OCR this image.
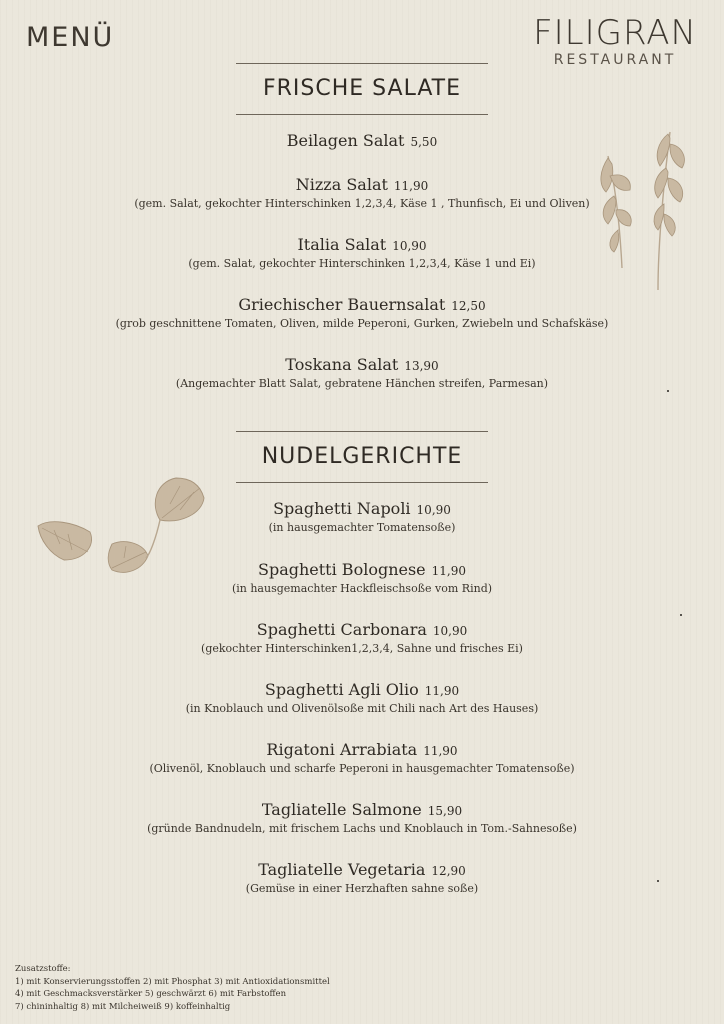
MENÜ	FILIGRAN
RESTAURANT
FRISCHE SALATE
Beilagen Salat 5,50
Nizza Salat 11,90
(gem. Salat, gekochter Hinterschinken 1,2,3,4, Käse 1 , Thunfisch, Ei und Oliven)
Italia Salat 10,90
(gem. Salat, gekochter Hinterschinken 1,2,3,4, Käse 1 und Ei)
Griechischer Bauernsalat 12,50
(grob geschnittene Tomaten, Oliven, milde Peperoni, Gurken, Zwiebeln und Schafskäse)
Toskana Salat 13,90
(Angemachter Blatt Salat, gebratene Hänchen streifen, Parmesan)
NUDELGERICHTE
Spaghetti Napoli 10,90
(in hausgemachter Tomatensoße)
Spaghetti Bolognese 11,90
(in hausgemachter Hackfleischsoße vom Rind)
Spaghetti Carbonara 10,90
(gekochter Hinterschinken1,2,3,4, Sahne und frisches Ei)
Spaghetti Agli Olio 11,90
(in Knoblauch und Olivenölsoße mit Chili nach Art des Hauses)
Rigatoni Arrabiata 11,90
(Olivenöl, Knoblauch und scharfe Peperoni in hausgemachter Tomatensoße)
Tagliatelle Salmone 15,90
(gründe Bandnudeln, mit frischem Lachs und Knoblauch in Tom.-Sahnesoße)
Tagliatelle Vegetaria 12,90
(Gemüse in einer Herzhaften sahne soße)
Zusatzstoffe:
1) mit Konservierungsstoffen 2) mit Phosphat 3) mit Antioxidationsmittel
4) mit Geschmacksverstärker 5) geschwärzt 6) mit Farbstoffen
7) chininhaltig 8) mit Milcheiweiß 9) koffeinhaltig
